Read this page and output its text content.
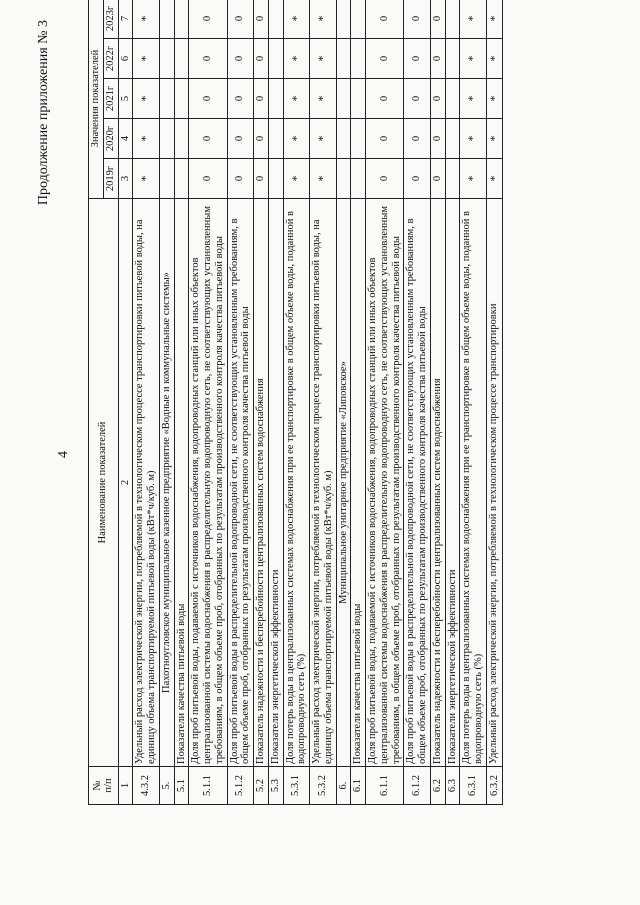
4
Продолжение приложения № 3
№
п/п	Наименование показателей	Значения показателей				
		2019г	2020г	2021г	2022г	2023г
1	2	3	4	5	6	7
4.3.2	Удельный расход электрической энергии, потребляемой в технологическом процессе транспортировки питьевой воды, на единицу объема транспортируемой питьевой воды (кВт*ч/куб. м)	*	*	*	*	*
5.	Пахотноугловское муниципальное казенное предприятие «Водные и коммунальные системы»					
5.1	Показатели качества питьевой воды					
5.1.1	Доля проб питьевой воды, подаваемой с источников водоснабжения, водопроводных станций или иных объектов централизованной системы водоснабжения в распределительную водопроводную сеть, не соответствующих установленным требованиям, в общем объеме проб, отобранных по результатам производственного контроля качества питьевой воды	0	0	0	0	0
5.1.2	Доля проб питьевой воды в распределительной водопроводной сети, не соответствующих установленным требованиям, в общем объеме проб, отобранных по результатам производственного контроля качества питьевой воды	0	0	0	0	0
5.2	Показатель надежности и бесперебойности централизованных систем водоснабжения	0	0	0	0	0
5.3	Показатели энергетической эффективности					
5.3.1	Доля потерь воды в централизованных системах водоснабжения при ее транспортировке в общем объеме воды, поданной в водопроводную сеть (%)	*	*	*	*	*
5.3.2	Удельный расход электрической энергии, потребляемой в технологическом процессе транспортировки питьевой воды, на единицу объема транспортируемой питьевой воды (кВт*ч/куб. м)	*	*	*	*	*
6.	Муниципальное унитарное предприятие «Липовское»					
6.1	Показатели качества питьевой воды					
6.1.1	Доля проб питьевой воды, подаваемой с источников водоснабжения, водопроводных станций или иных объектов централизованной системы водоснабжения в распределительную водопроводную сеть, не соответствующих установленным требованиям, в общем объеме проб, отобранных по результатам производственного контроля качества питьевой воды	0	0	0	0	0
6.1.2	Доля проб питьевой воды в распределительной водопроводной сети, не соответствующих установленным требованиям, в общем объеме проб, отобранных по результатам производственного контроля качества питьевой воды	0	0	0	0	0
6.2	Показатель надежности и бесперебойности централизованных систем водоснабжения	0	0	0	0	0
6.3	Показатели энергетической эффективности					
6.3.1	Доля потерь воды в централизованных системах водоснабжения при ее транспортировке в общем объеме воды, поданной в водопроводную сеть (%)	*	*	*	*	*
6.3.2	Удельный расход электрической энергии, потребляемой в технологическом процессе транспортировки	*	*	*	*	*
